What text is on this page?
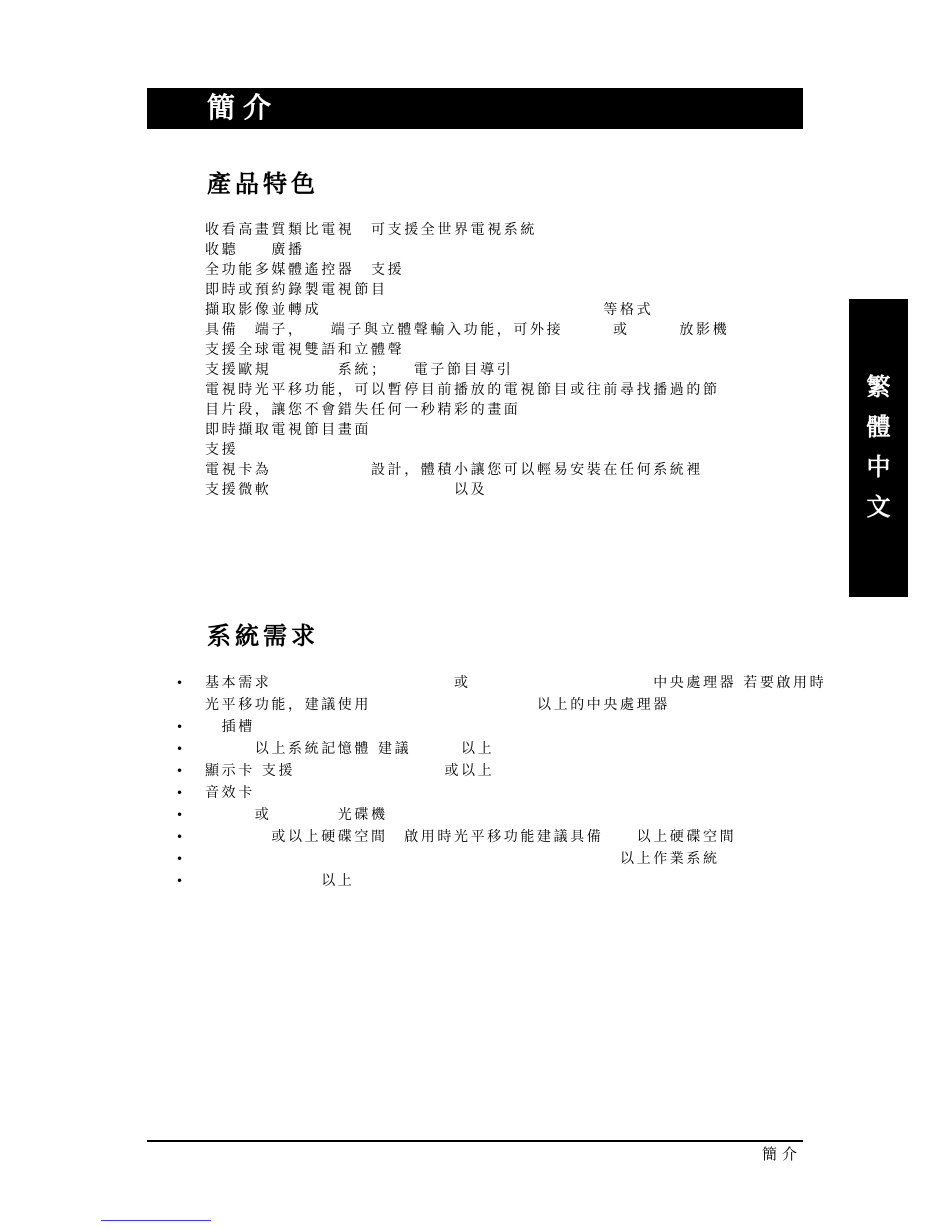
簡介
產品特色
收看高畫質類比電視　可支援全世界電視系統
收聽　　廣播
全功能多媒體遙控器　支援
即時或預約錄製電視節目
擷取影像並轉成　　　　　　　　　　　　　　　　　等格式
具備　端子，　　端子與立體聲輸入功能，可外接　　　或　　　放影機
支援全球電視雙語和立體聲
支援歐規　　　　系統；　　電子節目導引
電視時光平移功能，可以暫停目前播放的電視節目或往前尋找播過的節
目片段，讓您不會錯失任何一秒精彩的畫面
即時擷取電視節目畫面
支援
電視卡為　　　　　　設計，體積小讓您可以輕易安裝在任何系統裡
支援微軟　　　　　　　　　　　以及
系統需求
• 基本需求　　　　　　　　　　　或　　　　　　　　　　　中央處理器 若要啟用時
光平移功能，建議使用　　　　　　　　　　以上的中央處理器
• 　插槽
• 　　　以上系統記憶體 建議　　　以上
• 顯示卡 支援　　　　　　　　　或以上
• 音效卡
• 　　　或　　　　光碟機
• 　　　　或以上硬碟空間　啟用時光平移功能建議具備　　以上硬碟空間
• 　　　　　　　　　　　　　　　　　　　　　　　　　以上作業系統
• 　　　　　　　以上
繁
體
中
文
簡介
